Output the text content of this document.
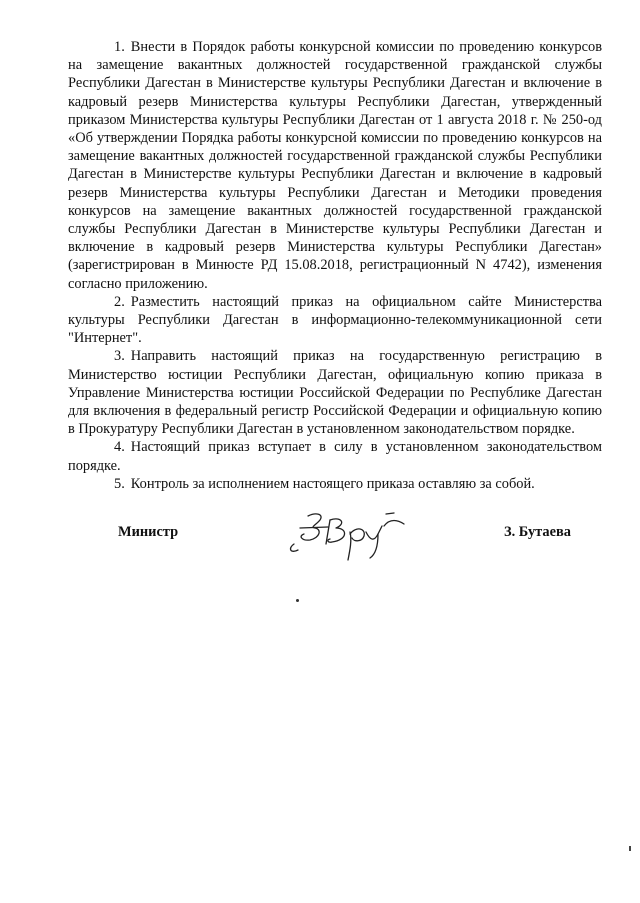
1. Внести в Порядок работы конкурсной комиссии по проведению конкурсов на замещение вакантных должностей государственной гражданской службы Республики Дагестан в Министерстве культуры Республики Дагестан и включение в кадровый резерв Министерства культуры Республики Дагестан, утвержденный приказом Министерства культуры Республики Дагестан от 1 августа 2018 г. № 250-од «Об утверждении Порядка работы конкурсной комиссии по проведению конкурсов на замещение вакантных должностей государственной гражданской службы Республики Дагестан в Министерстве культуры Республики Дагестан и включение в кадровый резерв Министерства культуры Республики Дагестан и Методики проведения конкурсов на замещение вакантных должностей государственной гражданской службы Республики Дагестан в Министерстве культуры Республики Дагестан и включение в кадровый резерв Министерства культуры Республики Дагестан» (зарегистрирован в Минюсте РД 15.08.2018, регистрационный N 4742), изменения согласно приложению.

2. Разместить настоящий приказ на официальном сайте Министерства культуры Республики Дагестан в информационно-телекоммуникационной сети "Интернет".

3. Направить настоящий приказ на государственную регистрацию в Министерство юстиции Республики Дагестан, официальную копию приказа в Управление Министерства юстиции Российской Федерации по Республике Дагестан для включения в федеральный регистр Российской Федерации и официальную копию в Прокуратуру Республики Дагестан в установленном законодательством порядке.

4. Настоящий приказ вступает в силу в установленном законодательством порядке.

5. Контроль за исполнением настоящего приказа оставляю за собой.

Министр	З. Бутаева
